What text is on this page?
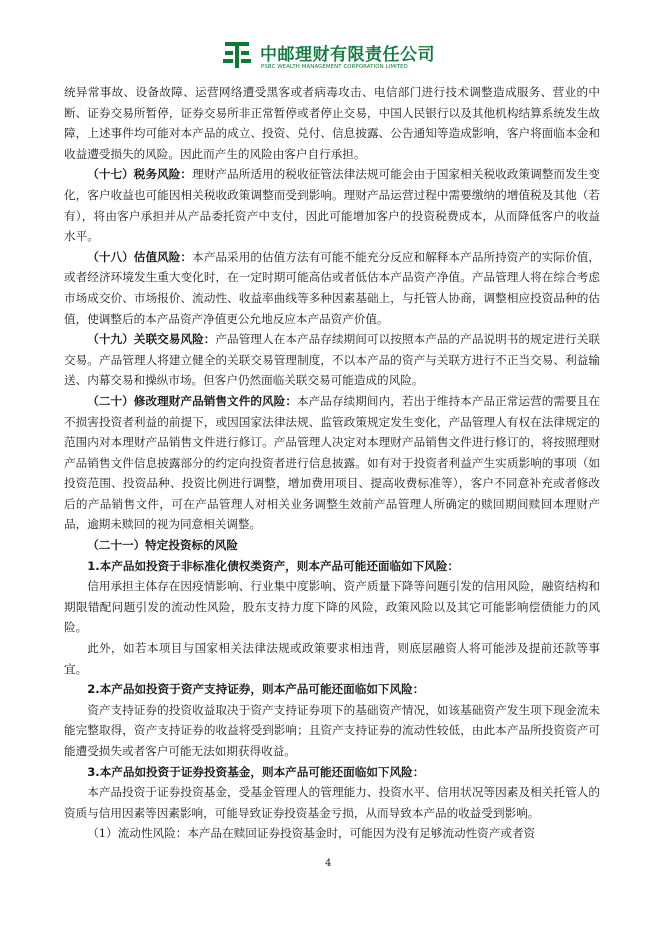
中邮理财有限责任公司
PSBC WEALTH MANAGEMENT CORPORATION LIMITED

统异常事故、设备故障、运营网络遭受黑客或者病毒攻击、电信部门进行技术调整造成服务、营业的中断、证券交易所暂停，证券交易所非正常暂停或者停止交易，中国人民银行以及其他机构结算系统发生故障，上述事件均可能对本产品的成立、投资、兑付、信息披露、公告通知等造成影响，客户将面临本金和收益遭受损失的风险。因此而产生的风险由客户自行承担。

（十七）税务风险：理财产品所适用的税收征管法律法规可能会由于国家相关税收政策调整而发生变化，客户收益也可能因相关税收政策调整而受到影响。理财产品运营过程中需要缴纳的增值税及其他（若有），将由客户承担并从产品委托资产中支付，因此可能增加客户的投资税费成本，从而降低客户的收益水平。

（十八）估值风险：本产品采用的估值方法有可能不能充分反应和解释本产品所持资产的实际价值，或者经济环境发生重大变化时，在一定时期可能高估或者低估本产品资产净值。产品管理人将在综合考虑市场成交价、市场报价、流动性、收益率曲线等多种因素基础上，与托管人协商，调整相应投资品种的估值，使调整后的本产品资产净值更公允地反应本产品资产价值。

（十九）关联交易风险：产品管理人在本产品存续期间可以按照本产品的产品说明书的规定进行关联交易。产品管理人将建立健全的关联交易管理制度，不以本产品的资产与关联方进行不正当交易、利益输送、内幕交易和操纵市场。但客户仍然面临关联交易可能造成的风险。

（二十）修改理财产品销售文件的风险：本产品存续期间内，若出于维持本产品正常运营的需要且在不损害投资者利益的前提下，或因国家法律法规、监管政策规定发生变化，产品管理人有权在法律规定的范围内对本理财产品销售文件进行修订。产品管理人决定对本理财产品销售文件进行修订的，将按照理财产品销售文件信息披露部分的约定向投资者进行信息披露。如有对于投资者利益产生实质影响的事项（如投资范围、投资品种、投资比例进行调整，增加费用项目、提高收费标准等），客户不同意补充或者修改后的产品销售文件，可在产品管理人对相关业务调整生效前产品管理人所确定的赎回期间赎回本理财产品，逾期未赎回的视为同意相关调整。

（二十一）特定投资标的风险

1.本产品如投资于非标准化债权类资产，则本产品可能还面临如下风险：

信用承担主体存在因疫情影响、行业集中度影响、资产质量下降等问题引发的信用风险，融资结构和期限错配问题引发的流动性风险，股东支持力度下降的风险，政策风险以及其它可能影响偿债能力的风险。

此外，如若本项目与国家相关法律法规或政策要求相违背，则底层融资人将可能涉及提前还款等事宜。

2.本产品如投资于资产支持证券，则本产品可能还面临如下风险：

资产支持证券的投资收益取决于资产支持证券项下的基础资产情况，如该基础资产发生项下现金流未能完整取得，资产支持证券的收益将受到影响；且资产支持证券的流动性较低，由此本产品所投资资产可能遭受损失或者客户可能无法如期获得收益。

3.本产品如投资于证券投资基金，则本产品可能还面临如下风险：

本产品投资于证券投资基金，受基金管理人的管理能力、投资水平、信用状况等因素及相关托管人的资质与信用因素等因素影响，可能导致证券投资基金亏损，从而导致本产品的收益受到影响。

（1）流动性风险：本产品在赎回证券投资基金时，可能因为没有足够流动性资产或者资

4
